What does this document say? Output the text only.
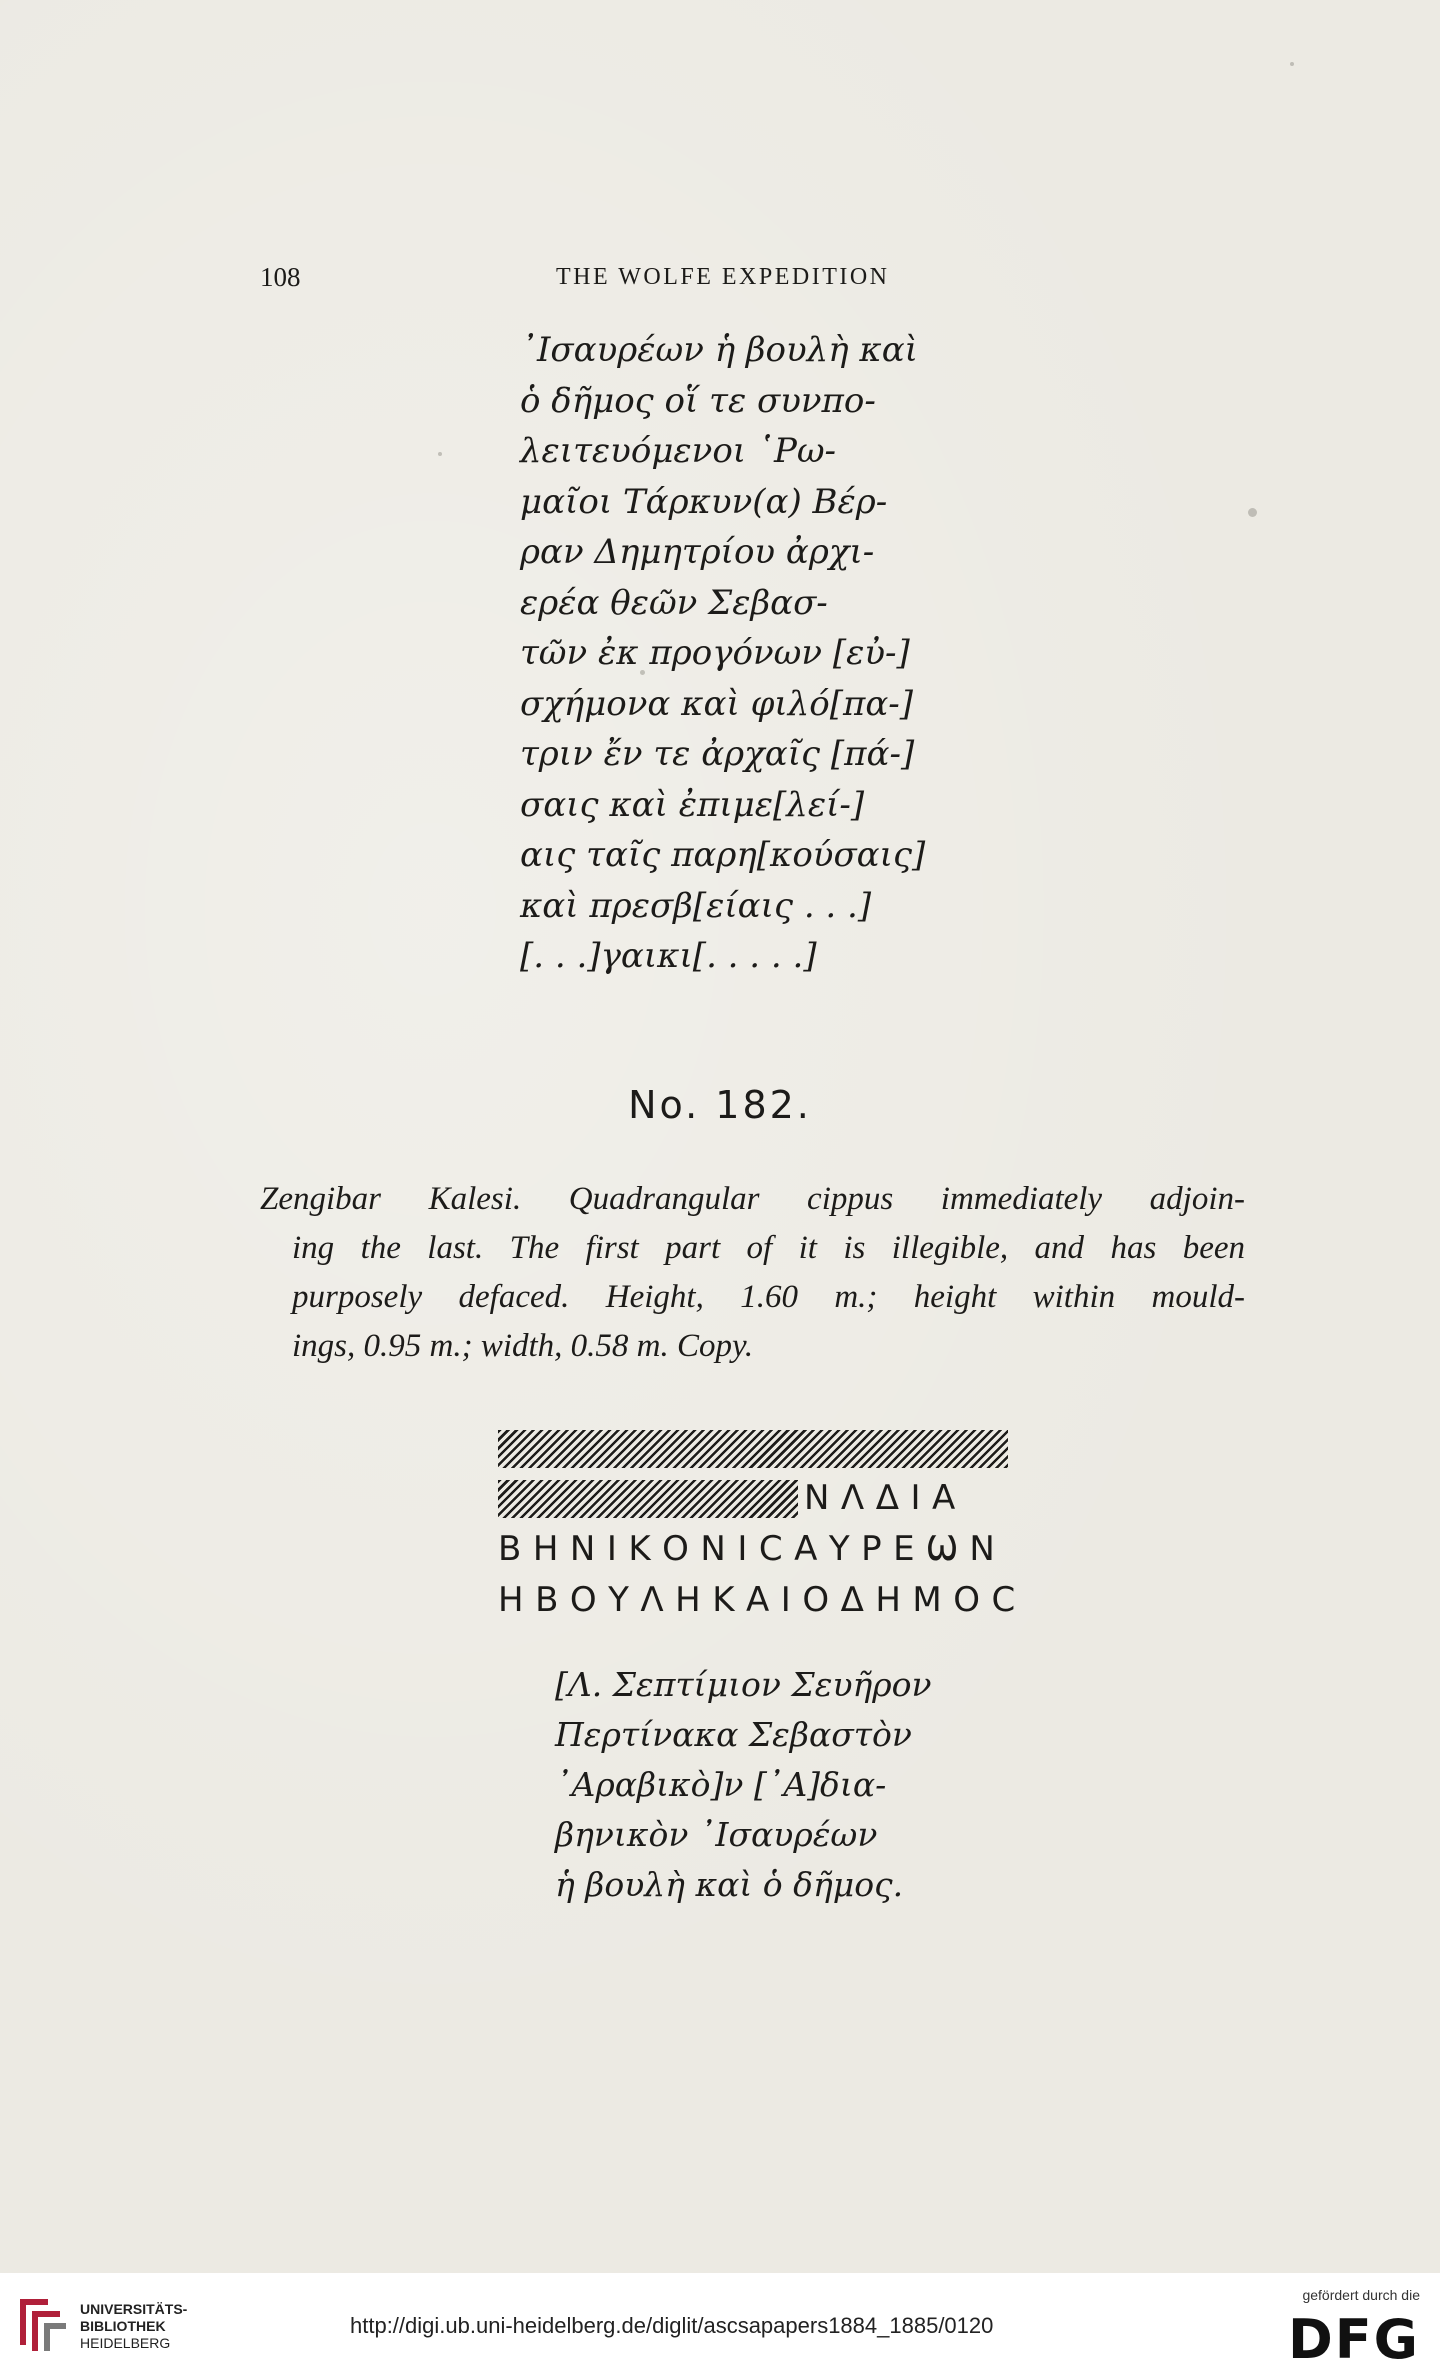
108	THE WOLFE EXPEDITION
᾽Ισαυρέων ἡ βουλὴ καὶ
ὁ δῆμος οἵ τε συνπο-
λειτευόμενοι ῾Ρω-
μαῖοι Τάρκυν(α) Βέρ-
ραν Δημητρίου ἀρχι-
ερέα θεῶν Σεβασ-
τῶν ἐκ προγόνων [εὐ-]
σχήμονα καὶ φιλό[πα-]
τριν ἔν τε ἀρχαῖς [πά-]
σαις καὶ ἐπιμε[λεί-]
αις ταῖς παρη[κούσαις]
καὶ πρεσβ[είαις . . .]
[. . .]γαικι[. . . . .]
No. 182.
Zengibar Kalesi. Quadrangular cippus immediately adjoin-
ing the last. The first part of it is illegible, and has been
purposely defaced. Height, 1.60 m.; height within mould-
ings, 0.95 m.; width, 0.58 m. Copy.
ΝΛΔΙΑ
ΒΗΝΙΚΟΝΙϹΑΥΡΕѠΝ
ΗΒΟΥΛΗΚΑΙΟΔΗΜΟϹ
[Λ. Σεπτίμιον Σευῆρον
Περτίνακα Σεβαστὸν
᾽Αραβικὸ]ν [᾽Α]δια-
βηνικὸν ᾽Ισαυρέων
ἡ βουλὴ καὶ ὁ δῆμος.
UNIVERSITÄTS-
BIBLIOTHEK
HEIDELBERG
http://digi.ub.uni-heidelberg.de/diglit/ascsapapers1884_1885/0120
gefördert durch die
DFG
